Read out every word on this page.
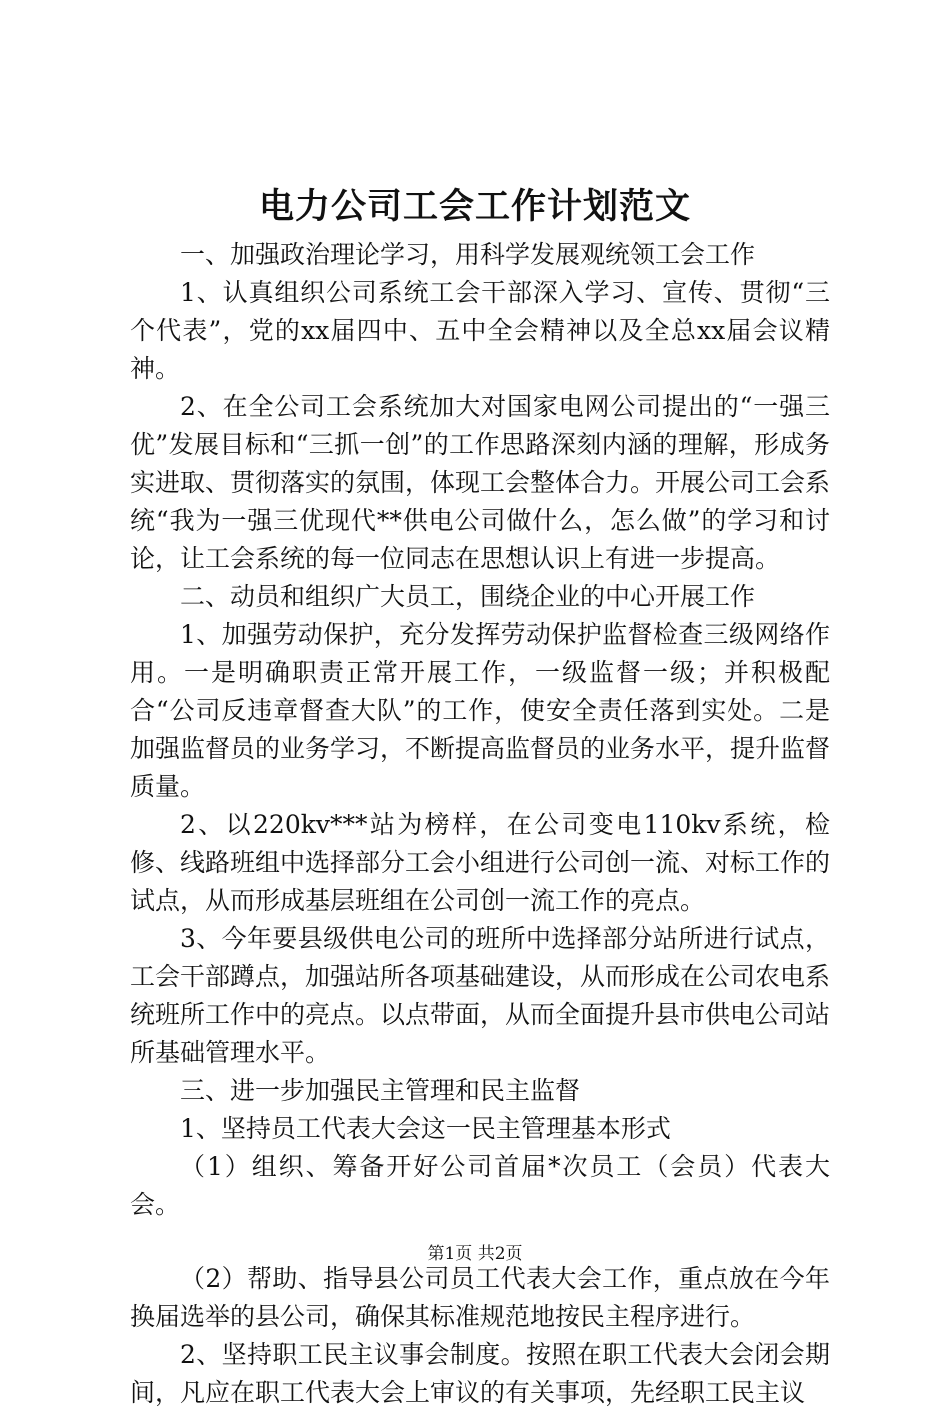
电力公司工会工作计划范文

一、加强政治理论学习，用科学发展观统领工会工作

1、认真组织公司系统工会干部深入学习、宣传、贯彻“三个代表”，党的xx届四中、五中全会精神以及全总xx届会议精神。

2、在全公司工会系统加大对国家电网公司提出的“一强三优”发展目标和“三抓一创”的工作思路深刻内涵的理解，形成务实进取、贯彻落实的氛围，体现工会整体合力。开展公司工会系统“我为一强三优现代**供电公司做什么，怎么做”的学习和讨论，让工会系统的每一位同志在思想认识上有进一步提高。

二、动员和组织广大员工，围绕企业的中心开展工作

1、加强劳动保护，充分发挥劳动保护监督检查三级网络作用。一是明确职责正常开展工作，一级监督一级；并积极配合“公司反违章督查大队”的工作，使安全责任落到实处。二是加强监督员的业务学习，不断提高监督员的业务水平，提升监督质量。

2、以220kv***站为榜样，在公司变电110kv系统，检修、线路班组中选择部分工会小组进行公司创一流、对标工作的试点，从而形成基层班组在公司创一流工作的亮点。

3、今年要县级供电公司的班所中选择部分站所进行试点，工会干部蹲点，加强站所各项基础建设，从而形成在公司农电系统班所工作中的亮点。以点带面，从而全面提升县市供电公司站所基础管理水平。

三、进一步加强民主管理和民主监督

1、坚持员工代表大会这一民主管理基本形式

（1）组织、筹备开好公司首届*次员工（会员）代表大会。

（2）帮助、指导县公司员工代表大会工作，重点放在今年换届选举的县公司，确保其标准规范地按民主程序进行。

2、坚持职工民主议事会制度。按照在职工代表大会闭会期间，凡应在职工代表大会上审议的有关事项，先经职工民主议

第1页 共2页
